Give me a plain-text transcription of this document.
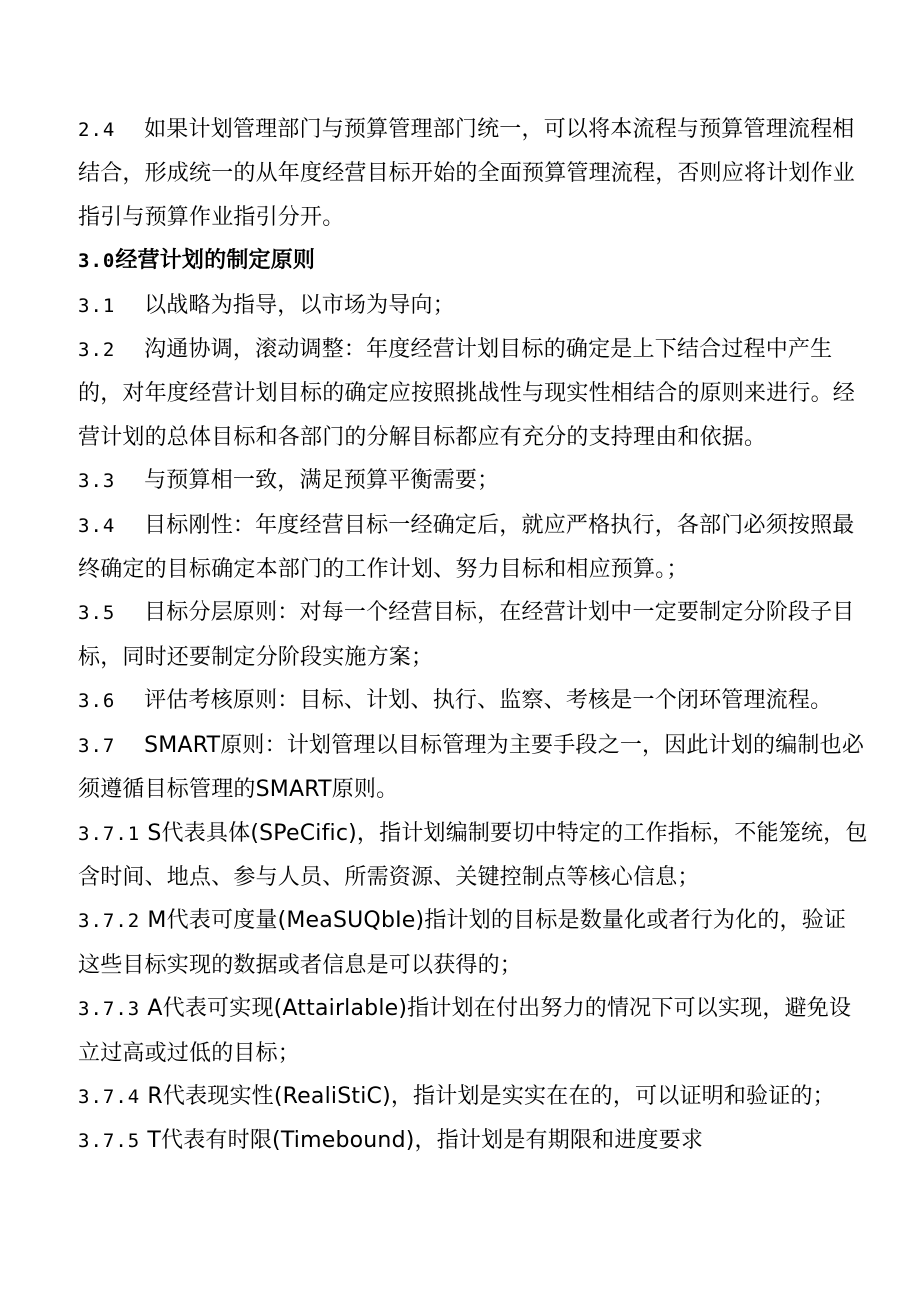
2.4    如果计划管理部门与预算管理部门统一，可以将本流程与预算管理流程相结合，形成统一的从年度经营目标开始的全面预算管理流程，否则应将计划作业指引与预算作业指引分开。

3.0经营计划的制定原则

3.1    以战略为指导，以市场为导向；

3.2    沟通协调，滚动调整：年度经营计划目标的确定是上下结合过程中产生的，对年度经营计划目标的确定应按照挑战性与现实性相结合的原则来进行。经营计划的总体目标和各部门的分解目标都应有充分的支持理由和依据。

3.3    与预算相一致，满足预算平衡需要；

3.4    目标刚性：年度经营目标一经确定后，就应严格执行，各部门必须按照最终确定的目标确定本部门的工作计划、努力目标和相应预算。；

3.5    目标分层原则：对每一个经营目标，在经营计划中一定要制定分阶段子目标，同时还要制定分阶段实施方案；

3.6    评估考核原则：目标、计划、执行、监察、考核是一个闭环管理流程。

3.7    SMART原则：计划管理以目标管理为主要手段之一，因此计划的编制也必须遵循目标管理的SMART原则。

3.7.1 S代表具体(SPeCific)，指计划编制要切中特定的工作指标，不能笼统，包含时间、地点、参与人员、所需资源、关键控制点等核心信息；

3.7.2 M代表可度量(MeaSUQbIe)指计划的目标是数量化或者行为化的，验证这些目标实现的数据或者信息是可以获得的；

3.7.3 A代表可实现(Attairlable)指计划在付出努力的情况下可以实现，避免设立过高或过低的目标；

3.7.4 R代表现实性(RealiStiC)，指计划是实实在在的，可以证明和验证的；

3.7.5 T代表有时限(Timebound)，指计划是有期限和进度要求
